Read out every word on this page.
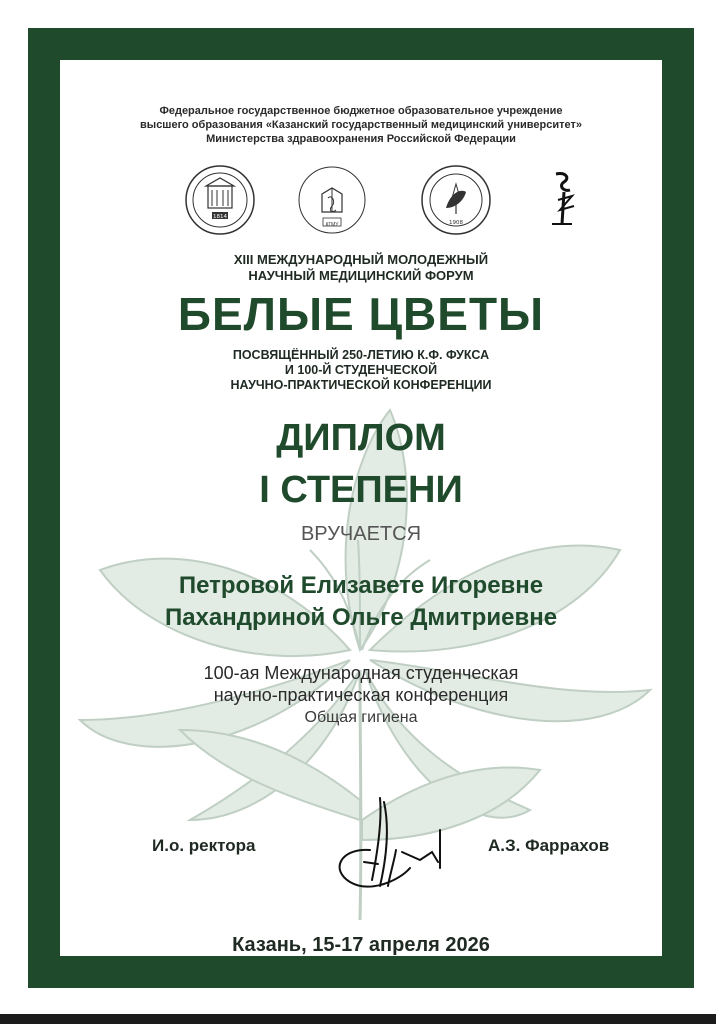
Федеральное государственное бюджетное образовательное учреждение
высшего образования «Казанский государственный медицинский университет»
Министерства здравоохранения Российской Федерации
1814
КГМУ	1908
XIII МЕЖДУНАРОДНЫЙ МОЛОДЕЖНЫЙ
НАУЧНЫЙ МЕДИЦИНСКИЙ ФОРУМ
БЕЛЫЕ ЦВЕТЫ
ПОСВЯЩЁННЫЙ 250-ЛЕТИЮ К.Ф. ФУКСА
И 100-Й СТУДЕНЧЕСКОЙ
НАУЧНО-ПРАКТИЧЕСКОЙ КОНФЕРЕНЦИИ
ДИПЛОМ
I СТЕПЕНИ
ВРУЧАЕТСЯ
Петровой Елизавете Игоревне
Пахандриной Ольге Дмитриевне
100-ая Международная студенческая
научно-практическая конференция
Общая гигиена
И.о. ректора	А.З. Фаррахов
Казань, 15-17 апреля 2026
